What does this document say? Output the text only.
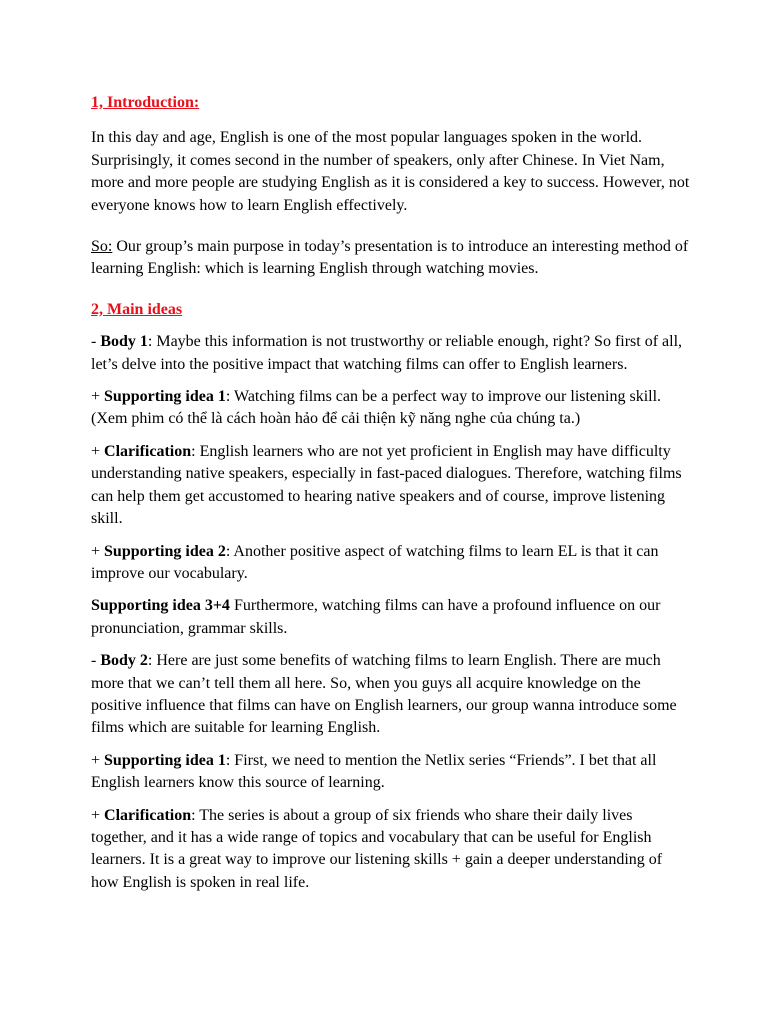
1, Introduction:

In this day and age, English is one of the most popular languages spoken in the world. Surprisingly, it comes second in the number of speakers, only after Chinese. In Viet Nam, more and more people are studying English as it is considered a key to success. However, not everyone knows how to learn English effectively.

So: Our group’s main purpose in today’s presentation is to introduce an interesting method of learning English: which is learning English through watching movies.

2, Main ideas

- Body 1: Maybe this information is not trustworthy or reliable enough, right? So first of all, let’s delve into the positive impact that watching films can offer to English learners.

+ Supporting idea 1: Watching films can be a perfect way to improve our listening skill. (Xem phim có thể là cách hoàn hảo để cải thiện kỹ năng nghe của chúng ta.)

+ Clarification: English learners who are not yet proficient in English may have difficulty understanding native speakers, especially in fast-paced dialogues. Therefore, watching films can help them get accustomed to hearing native speakers and of course, improve listening skill.

+ Supporting idea 2: Another positive aspect of watching films to learn EL is that it can improve our vocabulary.

Supporting idea 3+4 Furthermore, watching films can have a profound influence on our pronunciation, grammar skills.

- Body 2: Here are just some benefits of watching films to learn English. There are much more that we can’t tell them all here. So, when you guys all acquire knowledge on the positive influence that films can have on English learners, our group wanna introduce some films which are suitable for learning English.

+ Supporting idea 1: First, we need to mention the Netlix series “Friends”. I bet that all English learners know this source of learning.

+ Clarification: The series is about a group of six friends who share their daily lives together, and it has a wide range of topics and vocabulary that can be useful for English learners. It is a great way to improve our listening skills + gain a deeper understanding of how English is spoken in real life.
